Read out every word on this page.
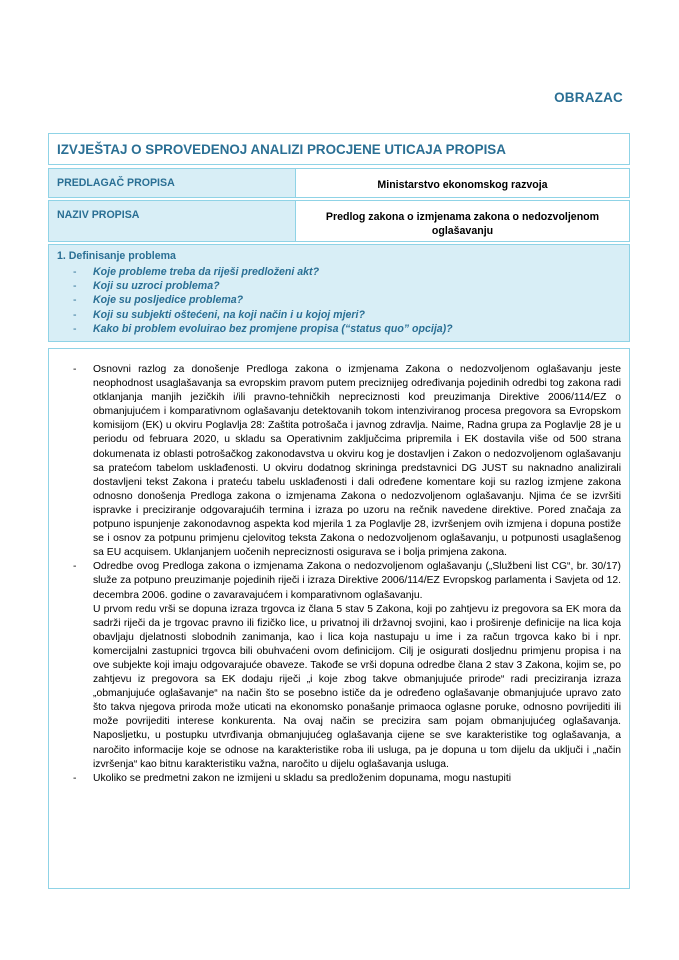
OBRAZAC
IZVJEŠTAJ O SPROVEDENOJ ANALIZI PROCJENE UTICAJA PROPISA
PREDLAGAČ PROPISA	Ministarstvo ekonomskog razvoja
NAZIV PROPISA	Predlog zakona o izmjenama zakona o nedozvoljenom oglašavanju
1. Definisanje problema
- Koje probleme treba da riješi predloženi akt?
- Koji su uzroci problema?
- Koje su posljedice problema?
- Koji su subjekti oštećeni, na koji način i u kojoj mjeri?
- Kako bi problem evoluirao bez promjene propisa (“status quo” opcija)?

- Osnovni razlog za donošenje Predloga zakona o izmjenama Zakona o nedozvoljenom oglašavanju jeste neophodnost usaglašavanja sa evropskim pravom putem preciznijeg određivanja pojedinih odredbi tog zakona radi otklanjanja manjih jezičkih i/ili pravno-tehničkih nepreciznosti kod preuzimanja Direktive 2006/114/EZ o obmanjujućem i komparativnom oglašavanju detektovanih tokom intenziviranog procesa pregovora sa Evropskom komisijom (EK) u okviru Poglavlja 28: Zaštita potrošača i javnog zdravlja. Naime, Radna grupa za Poglavlje 28 je u periodu od februara 2020, u skladu sa Operativnim zaključcima pripremila i EK dostavila više od 500 strana dokumenata iz oblasti potrošačkog zakonodavstva u okviru kog je dostavljen i Zakon o nedozvoljenom oglašavanju sa pratećom tabelom usklađenosti. U okviru dodatnog skrininga predstavnici DG JUST su naknadno analizirali dostavljeni tekst Zakona i prateću tabelu usklađenosti i dali određene komentare koji su razlog izmjene zakona odnosno donošenja Predloga zakona o izmjenama Zakona o nedozvoljenom oglašavanju. Njima će se izvršiti ispravke i preciziranje odgovarajućih termina i izraza po uzoru na rečnik navedene direktive. Pored značaja za potpuno ispunjenje zakonodavnog aspekta kod mjerila 1 za Poglavlje 28, izvršenjem ovih izmjena i dopuna postiže se i osnov za potpunu primjenu cjelovitog teksta Zakona o nedozvoljenom oglašavanju, u potpunosti usaglašenog sa EU acquisem. Uklanjanjem uočenih nepreciznosti osigurava se i bolja primjena zakona.

- Odredbe ovog Predloga zakona o izmjenama Zakona o nedozvoljenom oglašavanju („Službeni list CG“, br. 30/17) služe za potpuno preuzimanje pojedinih riječi i izraza Direktive 2006/114/EZ Evropskog parlamenta i Savjeta od 12. decembra 2006. godine o zavaravajućem i komparativnom oglašavanju.

U prvom redu vrši se dopuna izraza trgovca iz člana 5 stav 5 Zakona, koji po zahtjevu iz pregovora sa EK mora da sadrži riječi da je trgovac pravno ili fizičko lice, u privatnoj ili državnoj svojini, kao i proširenje definicije na lica koja obavljaju djelatnosti slobodnih zanimanja, kao i lica koja nastupaju u ime i za račun trgovca kako bi i npr. komercijalni zastupnici trgovca bili obuhvaćeni ovom definicijom. Cilj je osigurati dosljednu primjenu propisa i na ove subjekte koji imaju odgovarajuće obaveze. Takođe se vrši dopuna odredbe člana 2 stav 3 Zakona, kojim se, po zahtjevu iz pregovora sa EK dodaju riječi „i koje zbog takve obmanjujuće prirode“ radi preciziranja izraza „obmanjujuće oglašavanje“ na način što se posebno ističe da je određeno oglašavanje obmanjujuće upravo zato što takva njegova priroda može uticati na ekonomsko ponašanje primaoca oglasne poruke, odnosno povrijediti ili može povrijediti interese konkurenta. Na ovaj način se precizira sam pojam obmanjujućeg oglašavanja. Naposljetku, u postupku utvrđivanja obmanjujućeg oglašavanja cijene se sve karakteristike tog oglašavanja, a naročito informacije koje se odnose na karakteristike roba ili usluga, pa je dopuna u tom dijelu da uključi i „način izvršenja“ kao bitnu karakteristiku važna, naročito u dijelu oglašavanja usluga.

- Ukoliko se predmetni zakon ne izmijeni u skladu sa predloženim dopunama, mogu nastupiti
